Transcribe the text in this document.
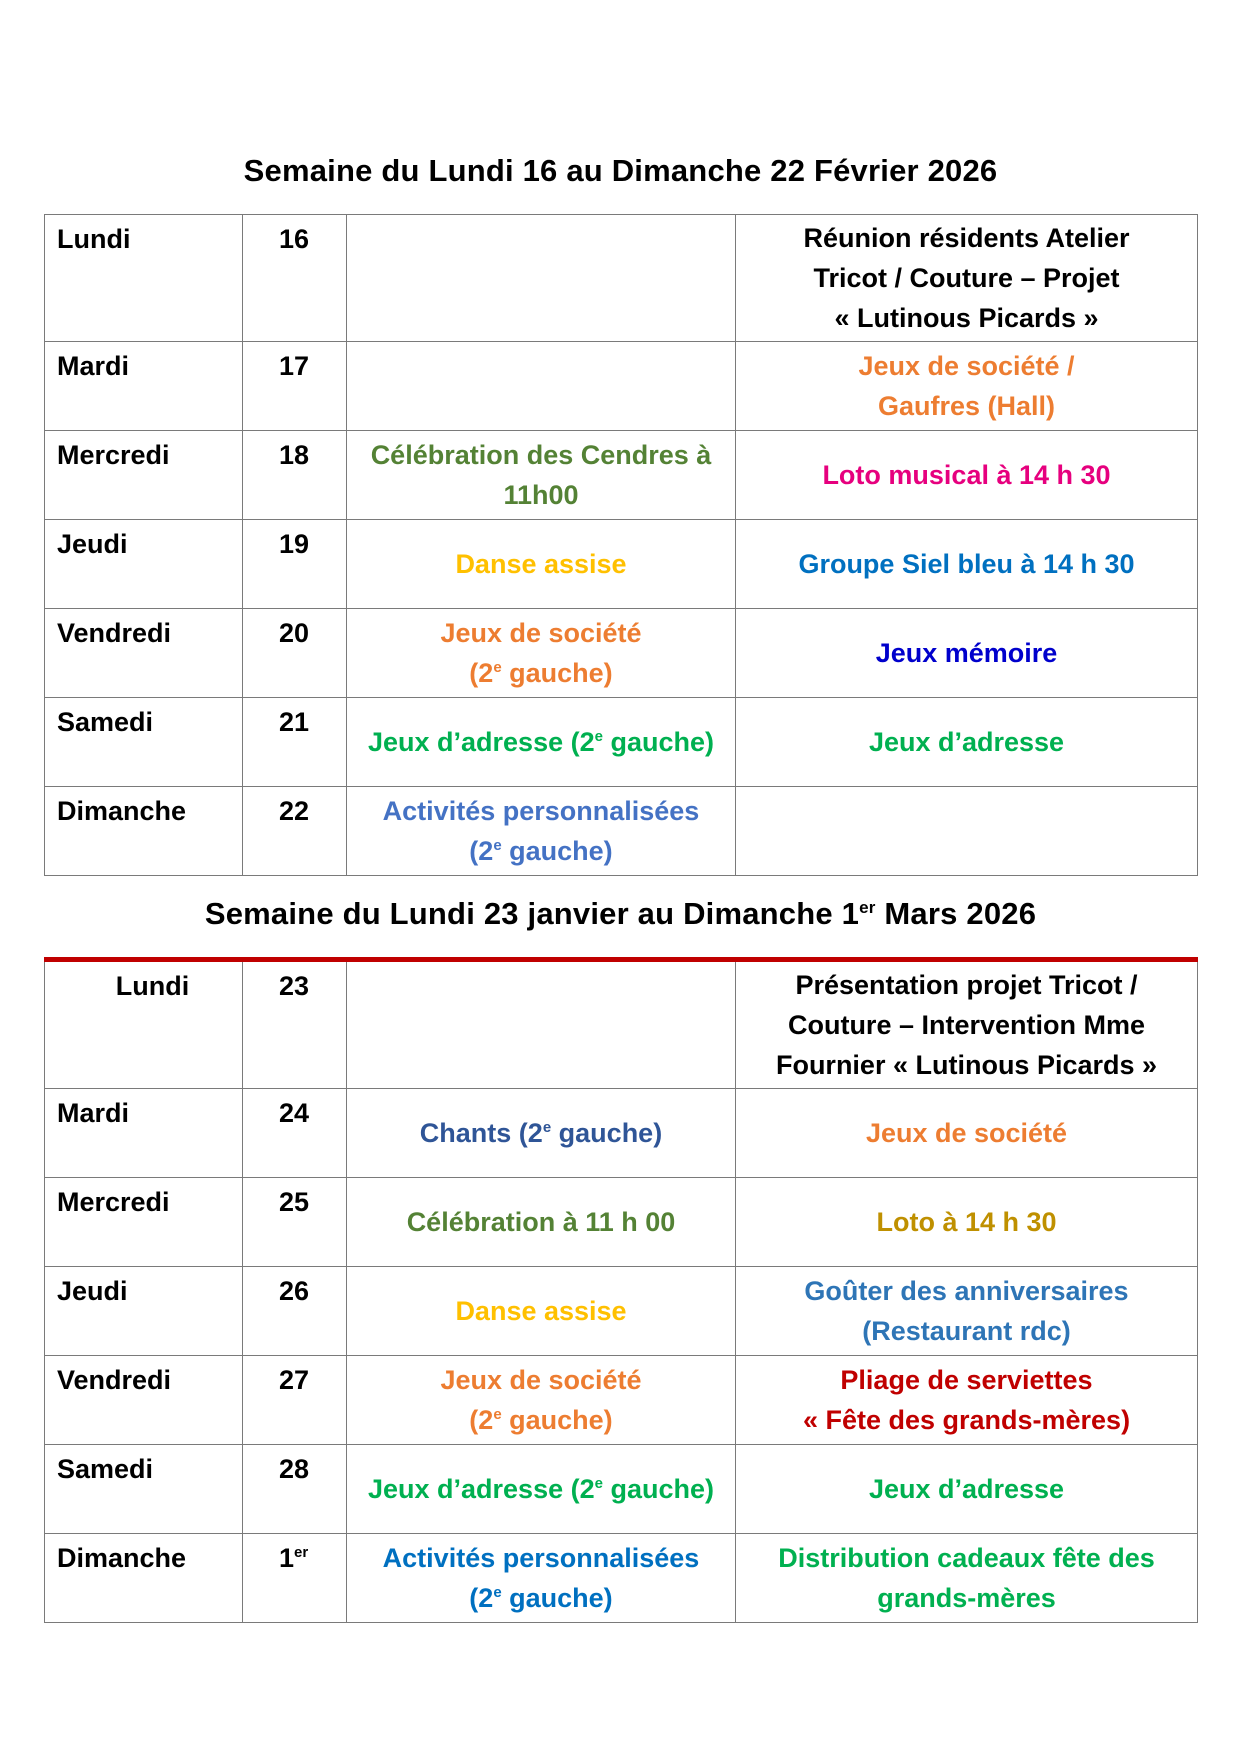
Semaine du Lundi 16 au Dimanche 22 Février 2026
Lundi	16		Réunion résidents Atelier
Tricot / Couture – Projet
« Lutinous Picards »

Mardi	17		Jeux de société /
Gaufres (Hall)

Mercredi	18	Célébration des Cendres à
11h00	Loto musical à 14 h 30

Jeudi	19	Danse assise	Groupe Siel bleu à 14 h 30

Vendredi	20	Jeux de société
(2e gauche)	Jeux mémoire

Samedi	21	Jeux d’adresse (2e gauche)	Jeux d’adresse

Dimanche	22	Activités personnalisées
(2e gauche)	

Semaine du Lundi 23 janvier au Dimanche 1er Mars 2026
Lundi	23		Présentation projet Tricot /
Couture – Intervention Mme
Fournier « Lutinous Picards »

Mardi	24	Chants (2e gauche)	Jeux de société

Mercredi	25	Célébration à 11 h 00	Loto à 14 h 30

Jeudi	26	Danse assise	Goûter des anniversaires
(Restaurant rdc)

Vendredi	27	Jeux de société
(2e gauche)	Pliage de serviettes
« Fête des grands-mères)

Samedi	28	Jeux d’adresse (2e gauche)	Jeux d’adresse

Dimanche	1er	Activités personnalisées
(2e gauche)	Distribution cadeaux fête des
grands-mères
